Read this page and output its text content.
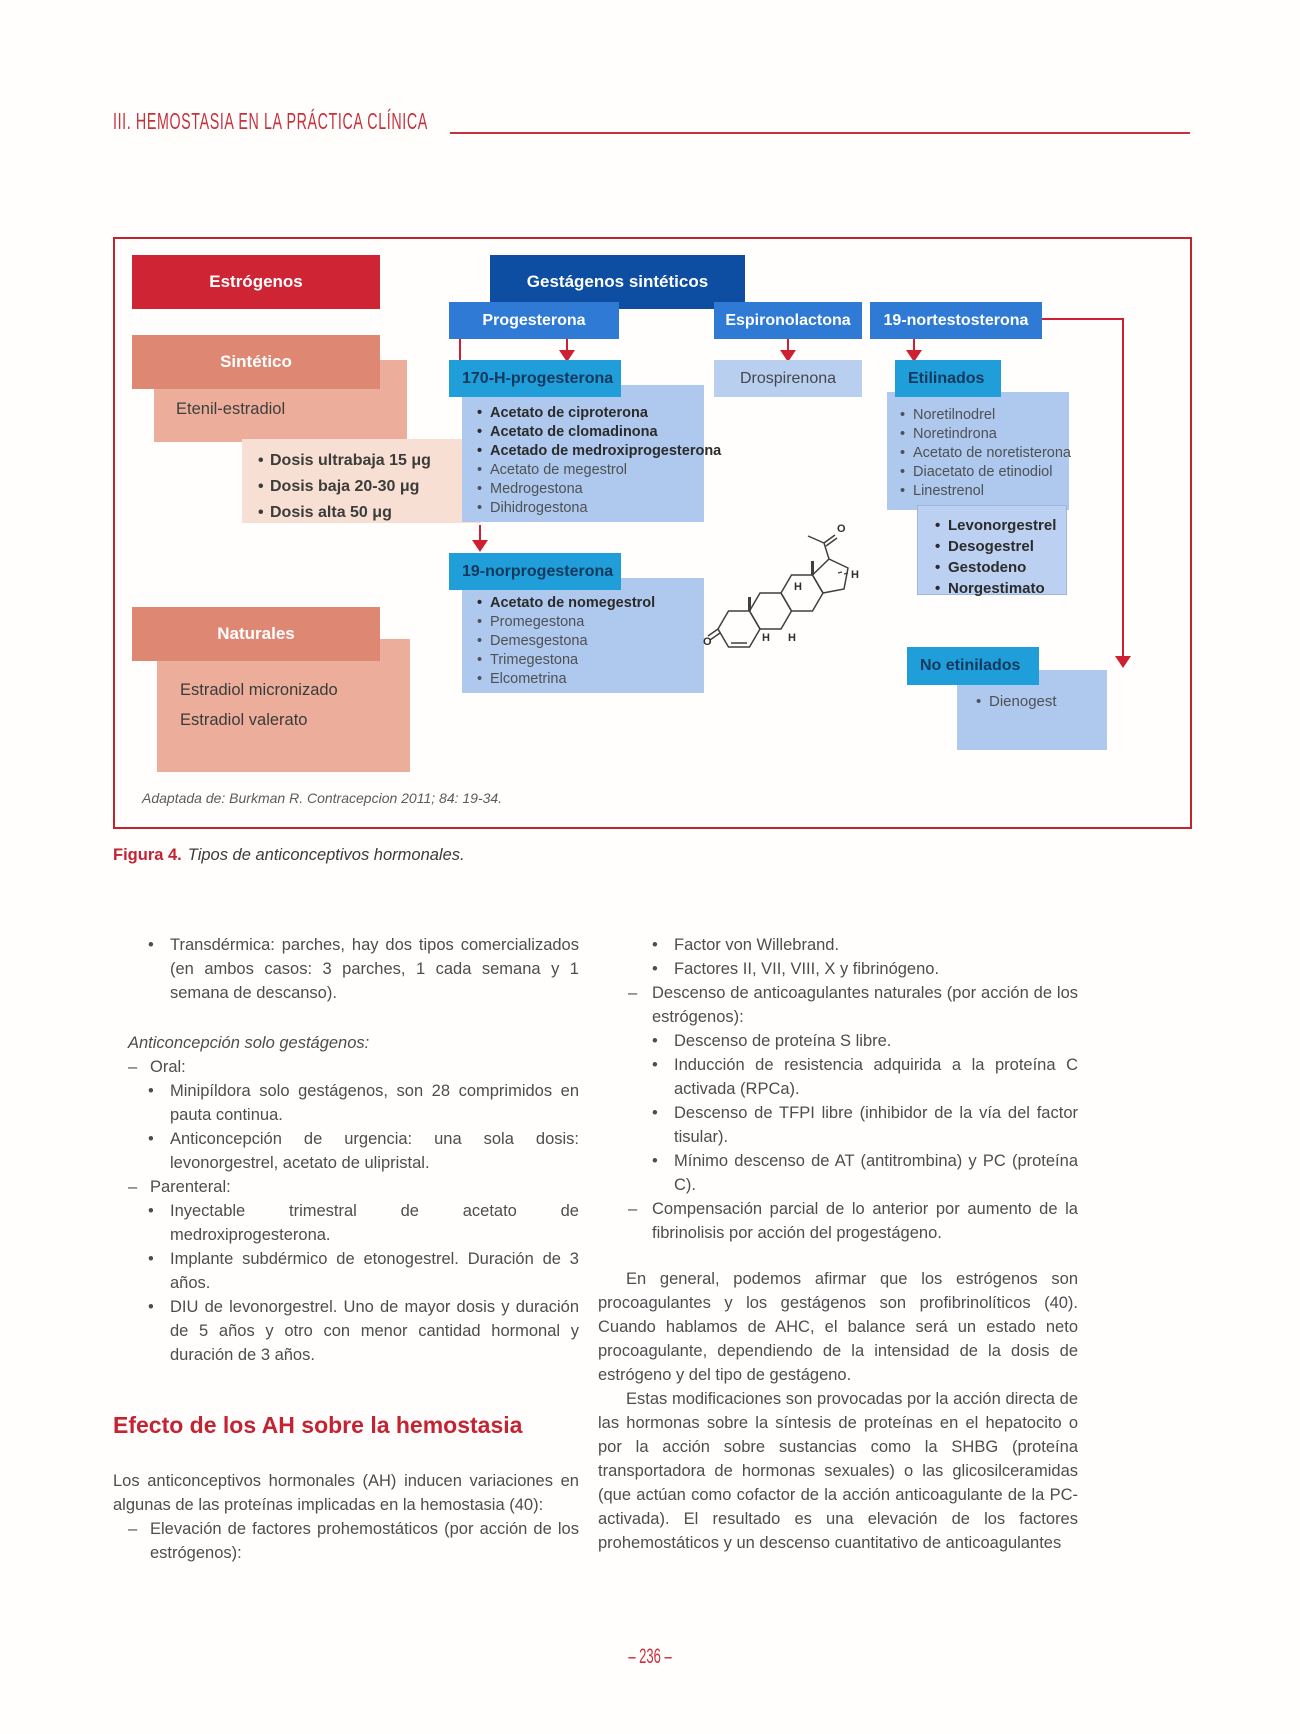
III. HEMOSTASIA EN LA PRÁCTICA CLÍNICA
Etenil-estradiol
• Dosis ultrabaja 15 μg
• Dosis baja 20-30 μg
• Dosis alta 50 μg
Sintético
Estrógenos
Estradiol micronizado
Estradiol valerato
Naturales
Gestágenos sintéticos
Progesterona
• Acetato de ciproterona
• Acetato de clomadinona
• Acetado de medroxiprogesterona
• Acetato de megestrol
• Medrogestona
• Dihidrogestona
170-H-progesterona
• Acetato de nomegestrol
• Promegestona
• Demesgestona
• Trimegestona
• Elcometrina
19-norprogesterona
Espironolactona
Drospirenona
19-nortestosterona
• Noretilnodrel
• Noretindrona
• Acetato de noretisterona
• Diacetato de etinodiol
• Linestrenol
Etilinados
• Levonorgestrel
• Desogestrel
• Gestodeno
• Norgestimato
• Dienogest
No etinilados
O
O
H
H H
H
Adaptada de: Burkman R. Contracepcion 2011; 84: 19-34.
Figura 4. Tipos de anticonceptivos hormonales.
• Transdérmica: parches, hay dos tipos comercializados (en ambos casos: 3 parches, 1 cada semana y 1 semana de descanso).
Anticoncepción solo gestágenos:
– Oral:
• Minipíldora solo gestágenos, son 28 comprimidos en pauta continua.
• Anticoncepción de urgencia: una sola dosis: levonorgestrel, acetato de ulipristal.
– Parenteral:
• Inyectable trimestral de acetato de medroxiprogesterona.
• Implante subdérmico de etonogestrel. Duración de 3 años.
• DIU de levonorgestrel. Uno de mayor dosis y duración de 5 años y otro con menor cantidad hormonal y duración de 3 años.
Efecto de los AH sobre la hemostasia

Los anticonceptivos hormonales (AH) inducen variaciones en algunas de las proteínas implicadas en la hemostasia (40):

– Elevación de factores prohemostáticos (por acción de los estrógenos):
• Factor von Willebrand.
• Factores II, VII, VIII, X y fibrinógeno.
– Descenso de anticoagulantes naturales (por acción de los estrógenos):
• Descenso de proteína S libre.
• Inducción de resistencia adquirida a la proteína C activada (RPCa).
• Descenso de TFPI libre (inhibidor de la vía del factor tisular).
• Mínimo descenso de AT (antitrombina) y PC (proteína C).
– Compensación parcial de lo anterior por aumento de la fibrinolisis por acción del progestágeno.

En general, podemos afirmar que los estrógenos son procoagulantes y los gestágenos son profibrinolíticos (40). Cuando hablamos de AHC, el balance será un estado neto procoagulante, dependiendo de la intensidad de la dosis de estrógeno y del tipo de gestágeno.

Estas modificaciones son provocadas por la acción directa de las hormonas sobre la síntesis de proteínas en el hepatocito o por la acción sobre sustancias como la SHBG (proteína transportadora de hormonas sexuales) o las glicosilceramidas (que actúan como cofactor de la acción anticoagulante de la PC-activada). El resultado es una elevación de los factores prohemostáticos y un descenso cuantitativo de anticoagulantes

– 236 –
